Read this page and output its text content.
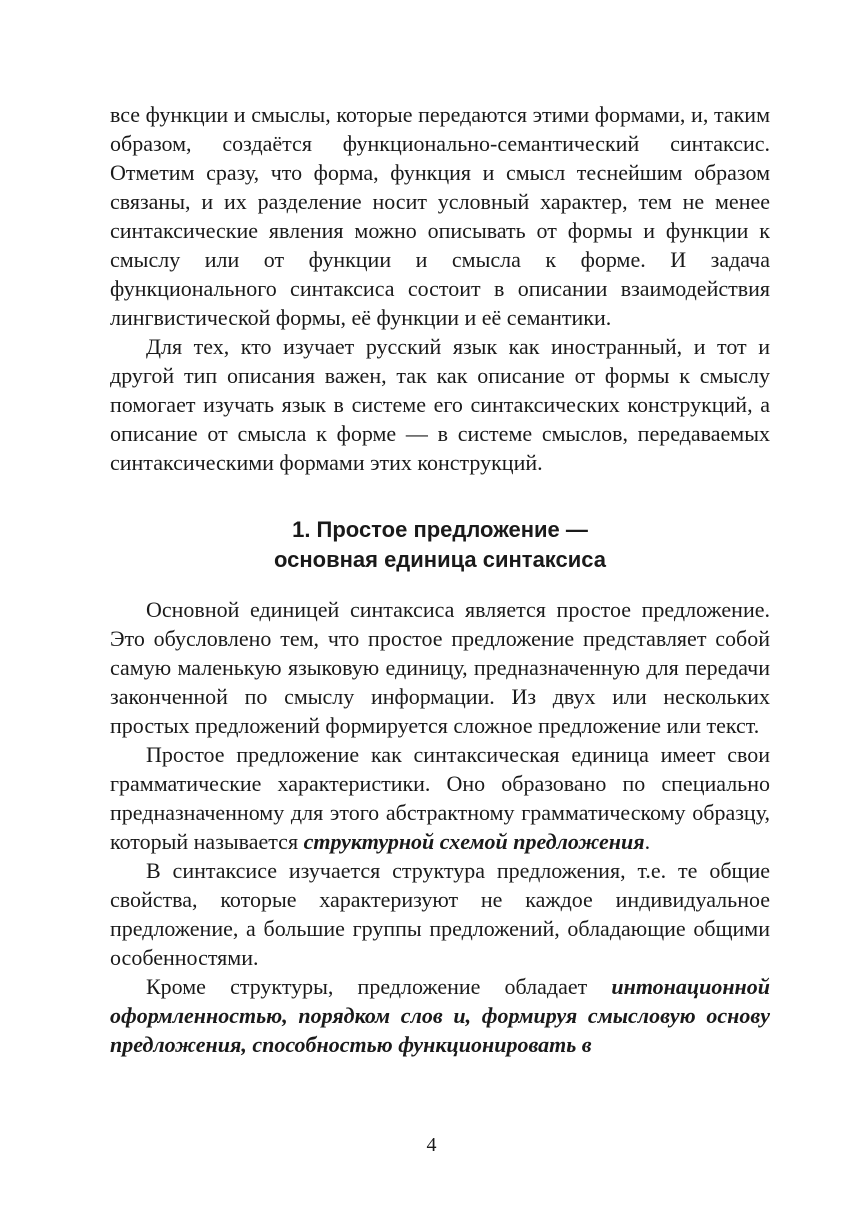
все функции и смыслы, которые передаются этими формами, и, таким образом, создаётся функционально-семантический синтаксис. Отметим сразу, что форма, функция и смысл теснейшим образом связаны, и их разделение носит условный характер, тем не менее синтаксические явления можно описывать от формы и функции к смыслу или от функции и смысла к форме. И задача функционального синтаксиса состоит в описании взаимодействия лингвистической формы, её функции и её семантики.

Для тех, кто изучает русский язык как иностранный, и тот и другой тип описания важен, так как описание от формы к смыслу помогает изучать язык в системе его синтаксических конструкций, а описание от смысла к форме — в системе смыслов, передаваемых синтаксическими формами этих конструкций.

1. Простое предложение —
основная единица синтаксиса

Основной единицей синтаксиса является простое предложение. Это обусловлено тем, что простое предложение представляет собой самую маленькую языковую единицу, предназначенную для передачи законченной по смыслу информации. Из двух или нескольких простых предложений формируется сложное предложение или текст.

Простое предложение как синтаксическая единица имеет свои грамматические характеристики. Оно образовано по специально предназначенному для этого абстрактному грамматическому образцу, который называется структурной схемой предложения.

В синтаксисе изучается структура предложения, т.е. те общие свойства, которые характеризуют не каждое индивидуальное предложение, а большие группы предложений, обладающие общими особенностями.

Кроме структуры, предложение обладает интонационной оформленностью, порядком слов и, формируя смысловую основу предложения, способностью функционировать в

4
